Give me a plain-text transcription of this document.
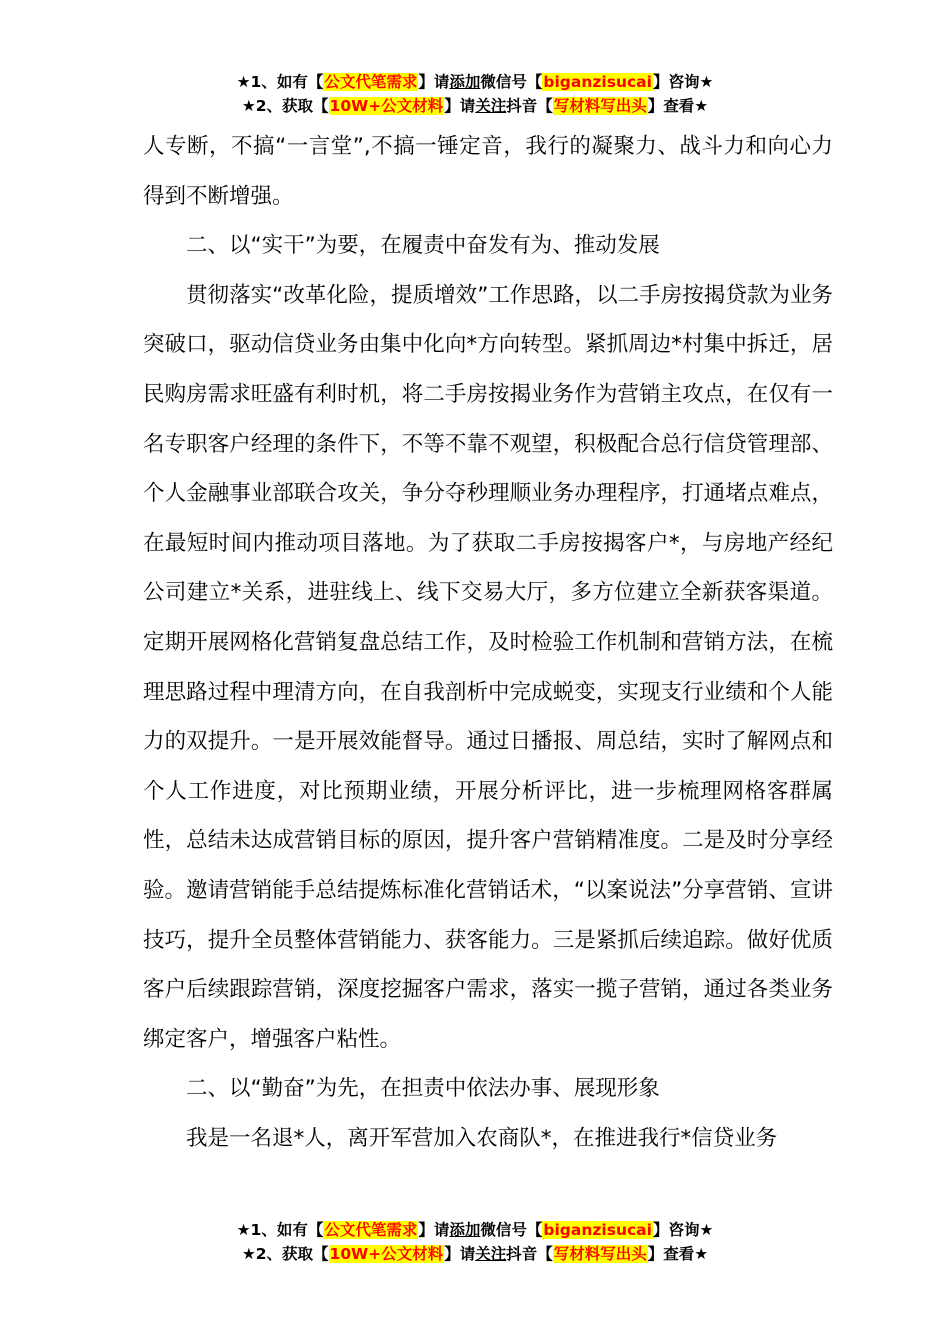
★1、如有【公文代笔需求】请添加微信号【biganzisucai】咨询★
★2、获取【10W+公文材料】请关注抖音【写材料写出头】查看★

人专断，不搞“一言堂”,不搞一锤定音，我行的凝聚力、战斗力和向心力得到不断增强。

二、以“实干”为要，在履责中奋发有为、推动发展

贯彻落实“改革化险，提质增效”工作思路，以二手房按揭贷款为业务突破口，驱动信贷业务由集中化向*方向转型。紧抓周边*村集中拆迁，居民购房需求旺盛有利时机，将二手房按揭业务作为营销主攻点，在仅有一名专职客户经理的条件下，不等不靠不观望，积极配合总行信贷管理部、个人金融事业部联合攻关，争分夺秒理顺业务办理程序，打通堵点难点，在最短时间内推动项目落地。为了获取二手房按揭客户*，与房地产经纪公司建立*关系，进驻线上、线下交易大厅，多方位建立全新获客渠道。定期开展网格化营销复盘总结工作，及时检验工作机制和营销方法，在梳理思路过程中理清方向，在自我剖析中完成蜕变，实现支行业绩和个人能力的双提升。一是开展效能督导。通过日播报、周总结，实时了解网点和个人工作进度，对比预期业绩，开展分析评比，进一步梳理网格客群属性，总结未达成营销目标的原因，提升客户营销精准度。二是及时分享经验。邀请营销能手总结提炼标准化营销话术，“以案说法”分享营销、宣讲技巧，提升全员整体营销能力、获客能力。三是紧抓后续追踪。做好优质客户后续跟踪营销，深度挖掘客户需求，落实一揽子营销，通过各类业务绑定客户，增强客户粘性。

二、以“勤奋”为先，在担责中依法办事、展现形象

我是一名退*人，离开军营加入农商队*，在推进我行*信贷业务

★1、如有【公文代笔需求】请添加微信号【biganzisucai】咨询★
★2、获取【10W+公文材料】请关注抖音【写材料写出头】查看★
